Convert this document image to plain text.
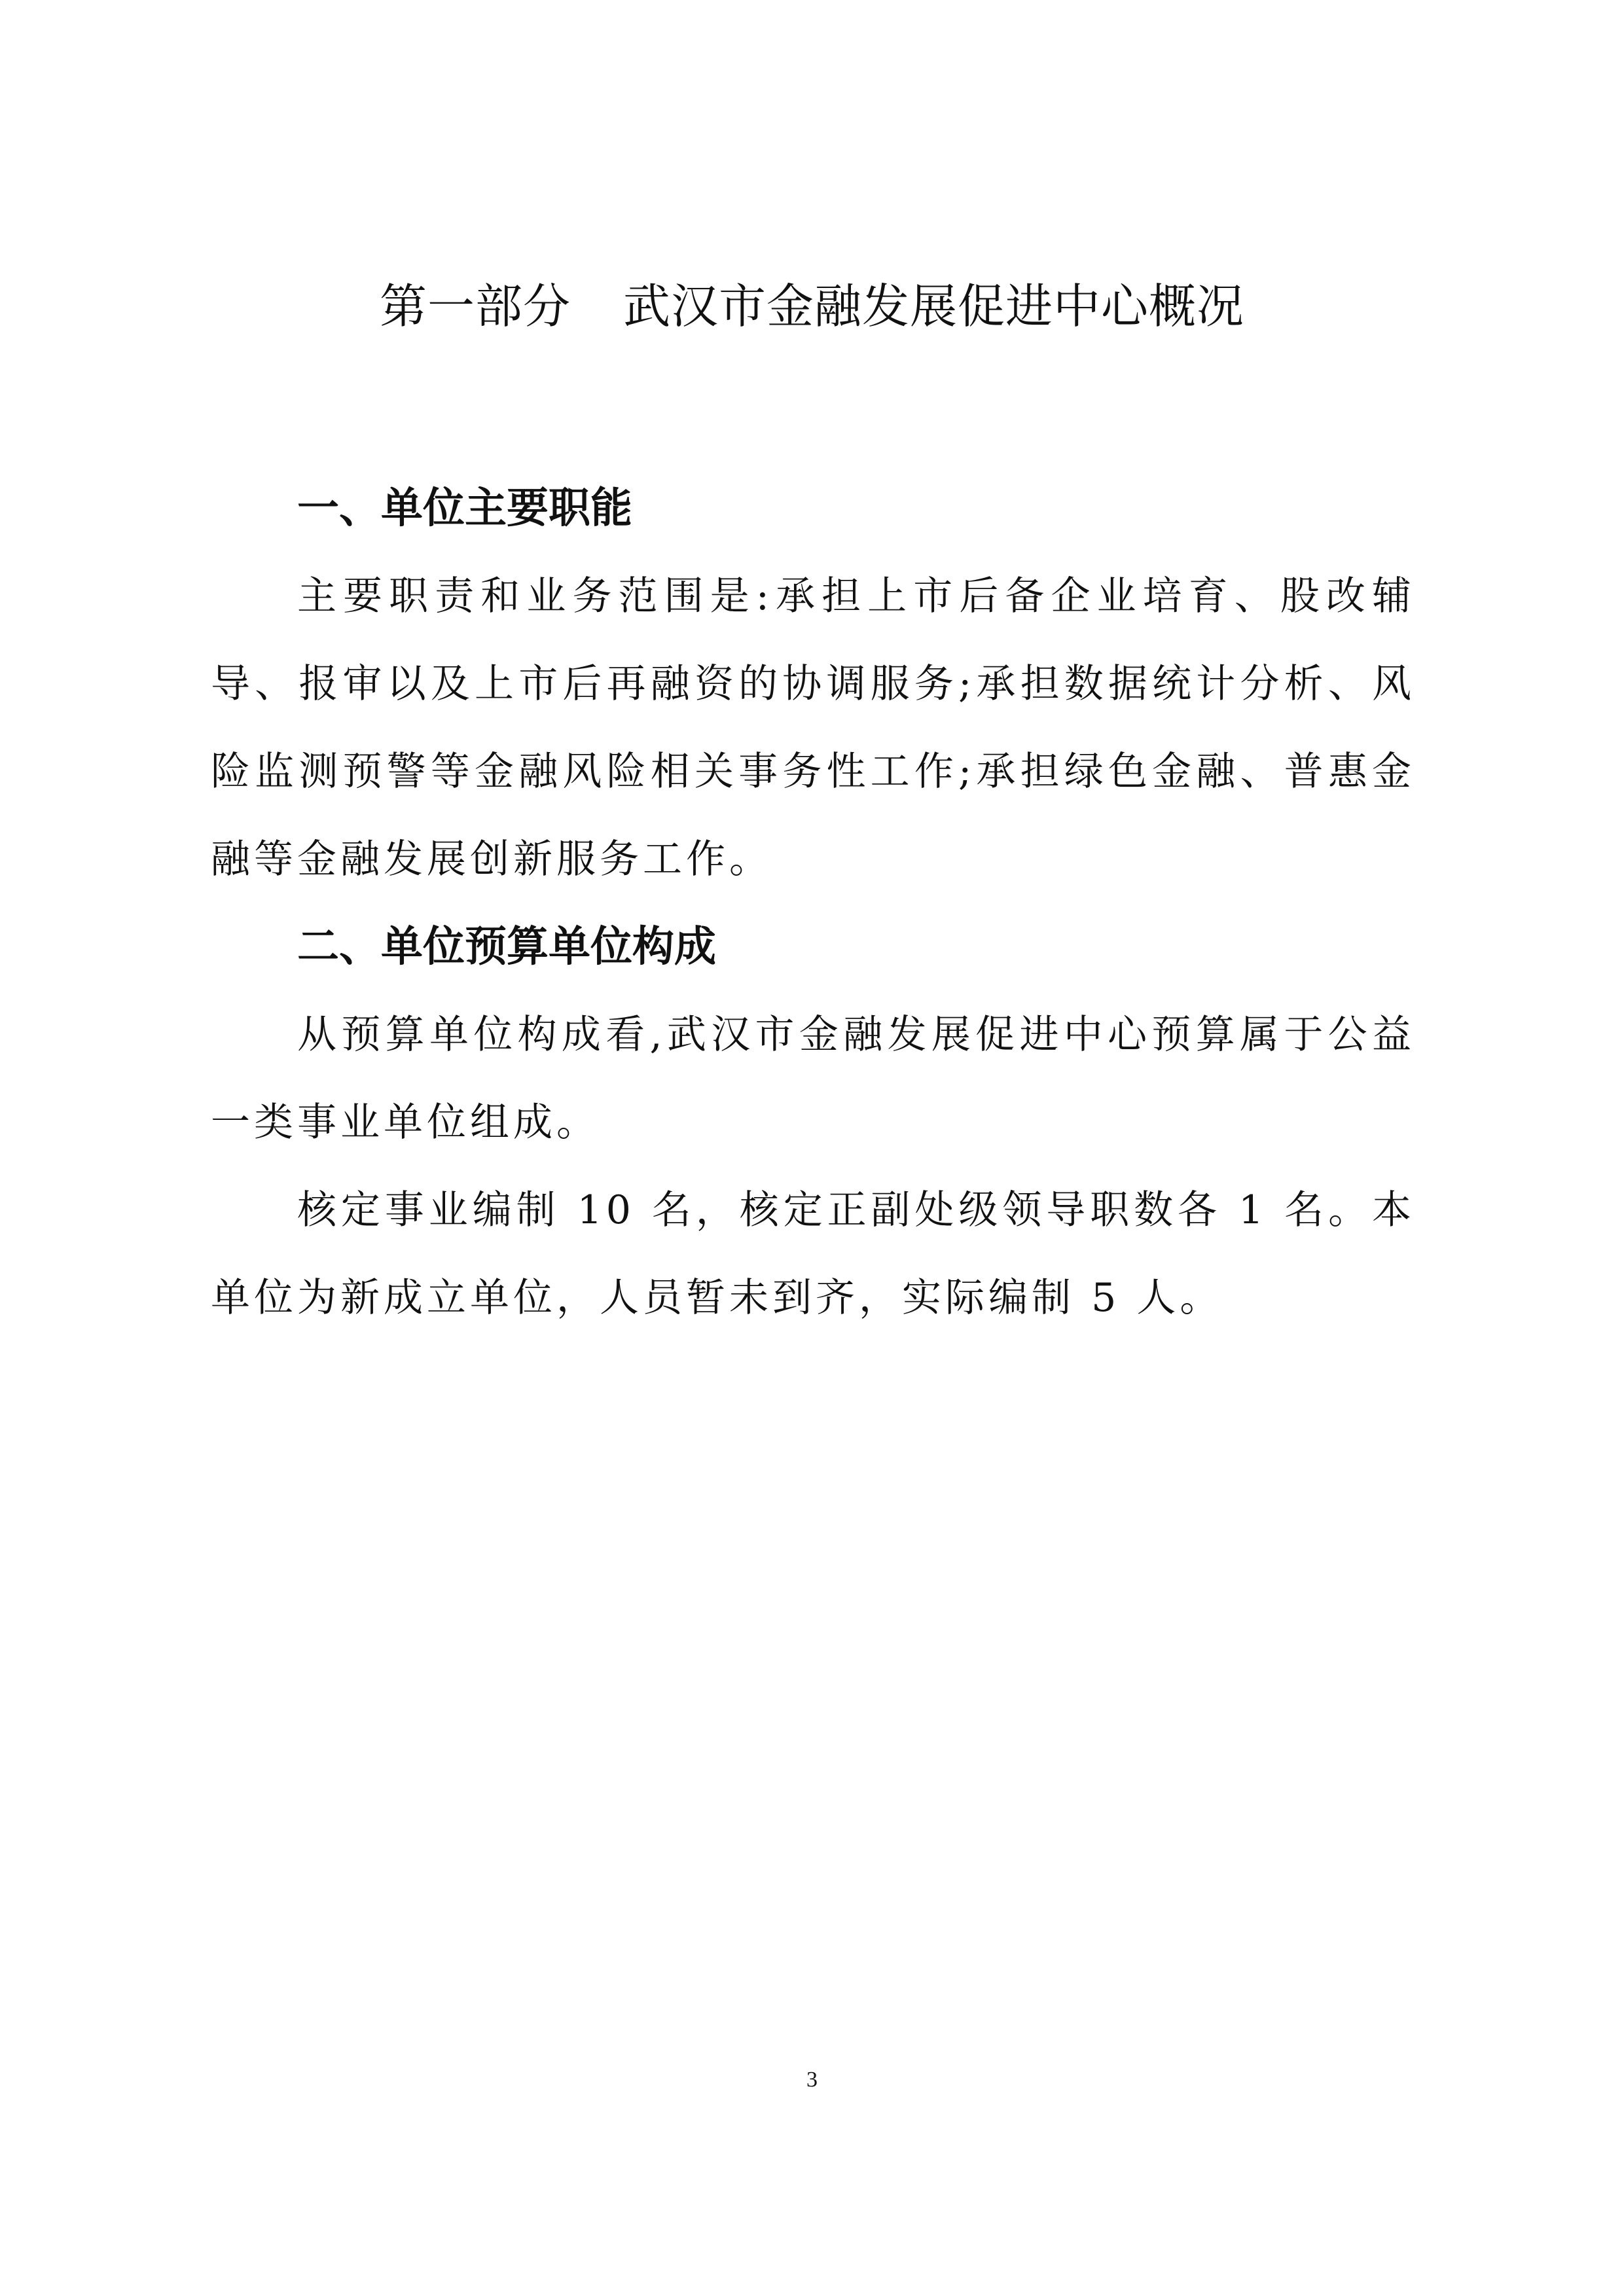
第一部分 武汉市金融发展促进中心概况

一、单位主要职能

主要职责和业务范围是:承担上市后备企业培育、股改辅导、报审以及上市后再融资的协调服务;承担数据统计分析、风险监测预警等金融风险相关事务性工作;承担绿色金融、普惠金融等金融发展创新服务工作。

二、单位预算单位构成

从预算单位构成看,武汉市金融发展促进中心预算属于公益一类事业单位组成。

核定事业编制 10 名，核定正副处级领导职数各 1 名。本单位为新成立单位，人员暂未到齐，实际编制 5 人。

3
